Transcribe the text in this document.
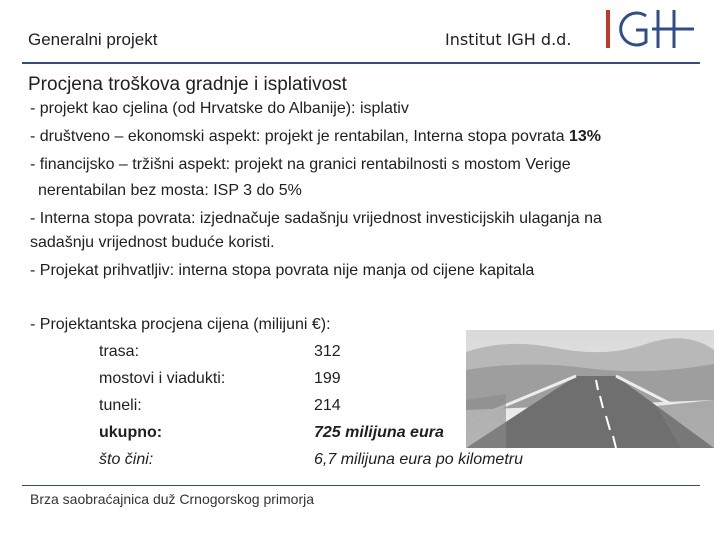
Generalni projekt	Institut IGH d.d.
Procjena troškova gradnje i isplativost
- projekt kao cjelina (od Hrvatske do Albanije): isplativ
- društveno – ekonomski aspekt: projekt je rentabilan, Interna stopa povrata 13%
- financijsko – tržišni aspekt: projekt na granici rentabilnosti s mostom Verige
nerentabilan bez mosta: ISP 3 do 5%
- Interna stopa povrata: izjednačuje sadašnju vrijednost investicijskih ulaganja na
sadašnju vrijednost buduće koristi.
- Projekat prihvatljiv: interna stopa povrata nije manja od cijene kapitala
- Projektantska procjena cijena (milijuni €):
trasa:	312
mostovi i viadukti:	199
tuneli:	214
ukupno:	725 milijuna eura
što čini:	6,7 milijuna eura po kilometru
Brza saobraćajnica duž Crnogorskog primorja
